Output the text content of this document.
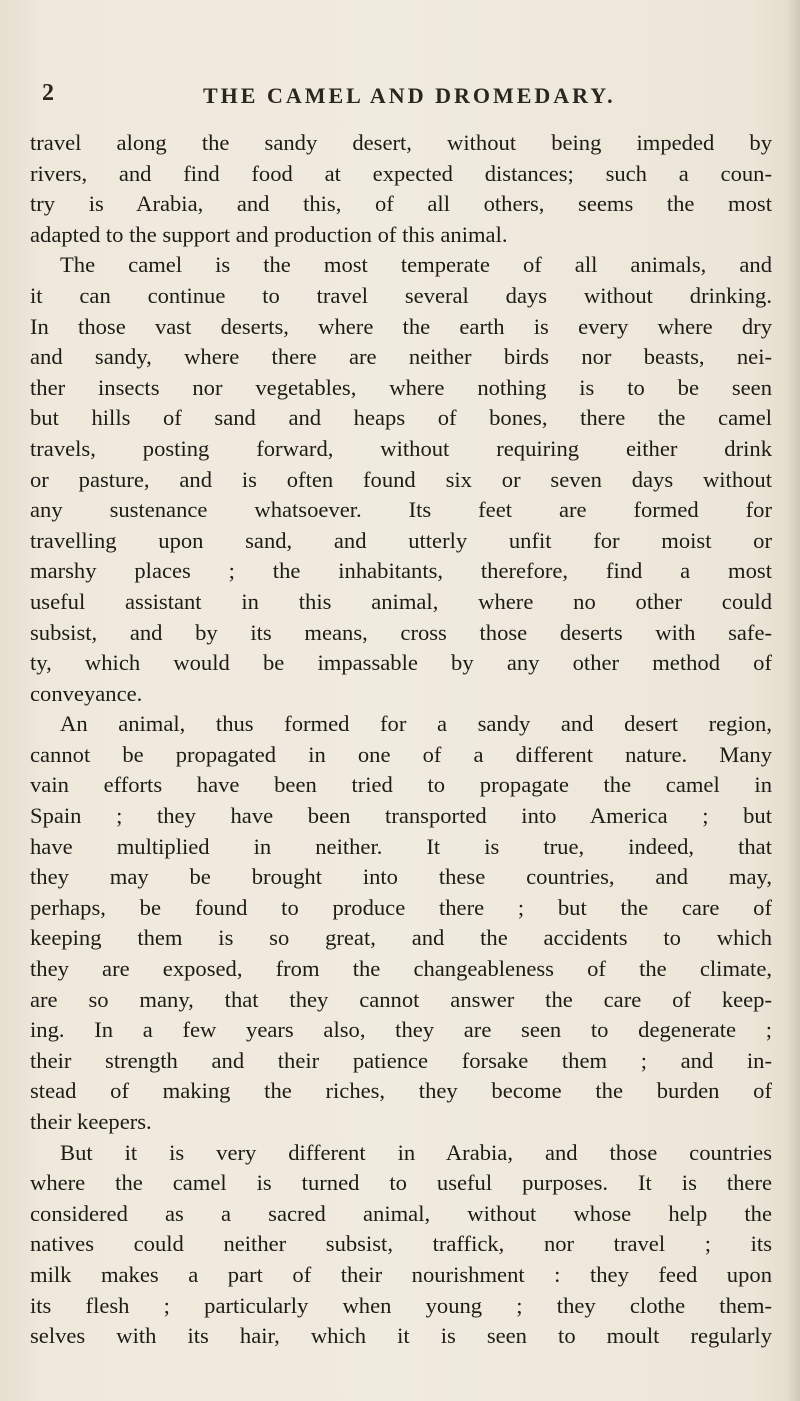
2	THE CAMEL AND DROMEDARY.
travel along the sandy desert, without being impeded by
rivers, and find food at expected distances; such a coun-
try is Arabia, and this, of all others, seems the most
adapted to the support and production of this animal.
The camel is the most temperate of all animals, and
it can continue to travel several days without drinking.
In those vast deserts, where the earth is every where dry
and sandy, where there are neither birds nor beasts, nei-
ther insects nor vegetables, where nothing is to be seen
but hills of sand and heaps of bones, there the camel
travels, posting forward, without requiring either drink
or pasture, and is often found six or seven days without
any sustenance whatsoever. Its feet are formed for
travelling upon sand, and utterly unfit for moist or
marshy places ; the inhabitants, therefore, find a most
useful assistant in this animal, where no other could
subsist, and by its means, cross those deserts with safe-
ty, which would be impassable by any other method of
conveyance.
An animal, thus formed for a sandy and desert region,
cannot be propagated in one of a different nature. Many
vain efforts have been tried to propagate the camel in
Spain ; they have been transported into America ; but
have multiplied in neither. It is true, indeed, that
they may be brought into these countries, and may,
perhaps, be found to produce there ; but the care of
keeping them is so great, and the accidents to which
they are exposed, from the changeableness of the climate,
are so many, that they cannot answer the care of keep-
ing. In a few years also, they are seen to degenerate ;
their strength and their patience forsake them ; and in-
stead of making the riches, they become the burden of
their keepers.
But it is very different in Arabia, and those countries
where the camel is turned to useful purposes. It is there
considered as a sacred animal, without whose help the
natives could neither subsist, traffick, nor travel ; its
milk makes a part of their nourishment : they feed upon
its flesh ; particularly when young ; they clothe them-
selves with its hair, which it is seen to moult regularly
